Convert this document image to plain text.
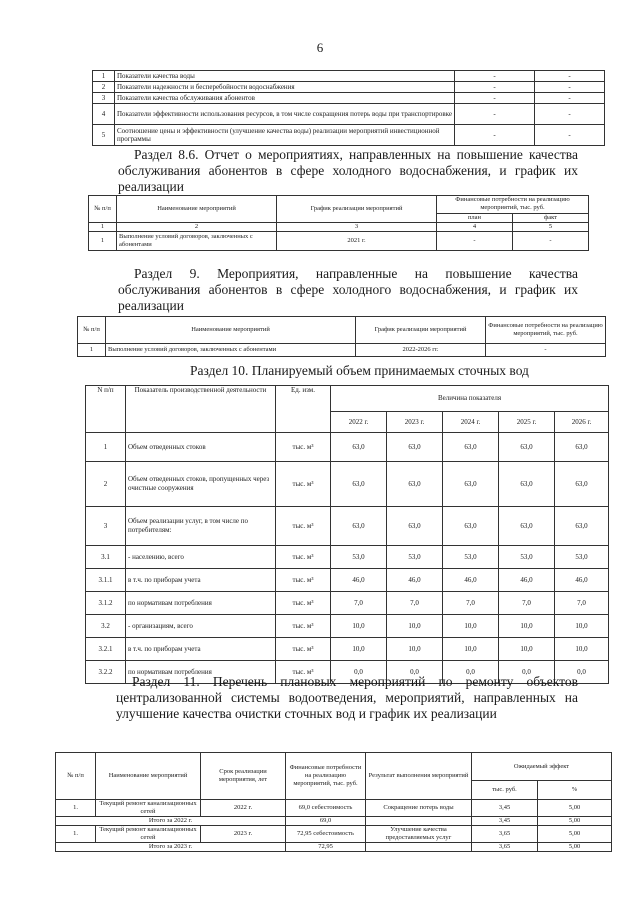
6
1	Показатели качества воды	-	-
2	Показатели надежности и бесперебойности водоснабжения	-	-
3	Показатели качества обслуживания абонентов	-	-
4	Показатели эффективности использования ресурсов, в том числе сокращения потерь воды при транспортировке	-	-
5	Соотношение цены и эффективности (улучшение качества воды) реализации мероприятий инвестиционной программы	-	-
Раздел 8.6. Отчет о мероприятиях, направленных на повышение качества
обслуживания абонентов в сфере холодного водоснабжения, и график их
реализации
№ п/п	Наименование мероприятий	График реализации мероприятий	Финансовые потребности на реализацию мероприятий, тыс. руб.	
			план	факт
1	2	3	4	5
1	Выполнение условий договоров, заключенных с абонентами	2021 г.	-	-
Раздел 9. Мероприятия, направленные на повышение качества
обслуживания абонентов в сфере холодного водоснабжения, и график их
реализации
№ п/п	Наименование мероприятий	График реализации мероприятий	Финансовые потребности на реализацию мероприятий, тыс. руб.
1	Выполнение условий договоров, заключенных с абонентами	2022-2026 гг.	-
Раздел 10. Планируемый объем принимаемых сточных вод
N п/п	Показатель производственной деятельности	Ед. изм.	Величина показателя				
			2022 г.	2023 г.	2024 г.	2025 г.	2026 г.
1	Объем отведенных стоков	тыс. м³	63,0	63,0	63,0	63,0	63,0
2	Объем отведенных стоков, пропущенных через очистные сооружения	тыс. м³	63,0	63,0	63,0	63,0	63,0
3	Объем реализации услуг, в том числе по потребителям:	тыс. м³	63,0	63,0	63,0	63,0	63,0
3.1	- населению, всего	тыс. м³	53,0	53,0	53,0	53,0	53,0
3.1.1	в т.ч. по приборам учета	тыс. м³	46,0	46,0	46,0	46,0	46,0
3.1.2	по нормативам потребления	тыс. м³	7,0	7,0	7,0	7,0	7,0
3.2	- организациям, всего	тыс. м³	10,0	10,0	10,0	10,0	10,0
3.2.1	в т.ч. по приборам учета	тыс. м³	10,0	10,0	10,0	10,0	10,0
3.2.2	по нормативам потребления	тыс. м³	0,0	0,0	0,0	0,0	0,0
Раздел 11. Перечень плановых мероприятий по ремонту объектов
централизованной системы водоотведения, мероприятий, направленных на
улучшение качества очистки сточных вод и график их реализации
№ п/п	Наименование мероприятий	Срок реализации мероприятия, лет	Финансовые потребности на реализацию мероприятий, тыс. руб.	Результат выполнения мероприятий	Ожидаемый эффект	
					тыс. руб.	%
1.	Текущий ремонт канализационных сетей	2022 г.	69,0 себестоимость	Сокращение потерь воды	3,45	5,00
Итого за 2022 г.			69,0		3,45	5,00
1.	Текущий ремонт канализационных сетей	2023 г.	72,95 себестоимость	Улучшение качества предоставляемых услуг	3,65	5,00
Итого за 2023 г.			72,95		3,65	5,00
